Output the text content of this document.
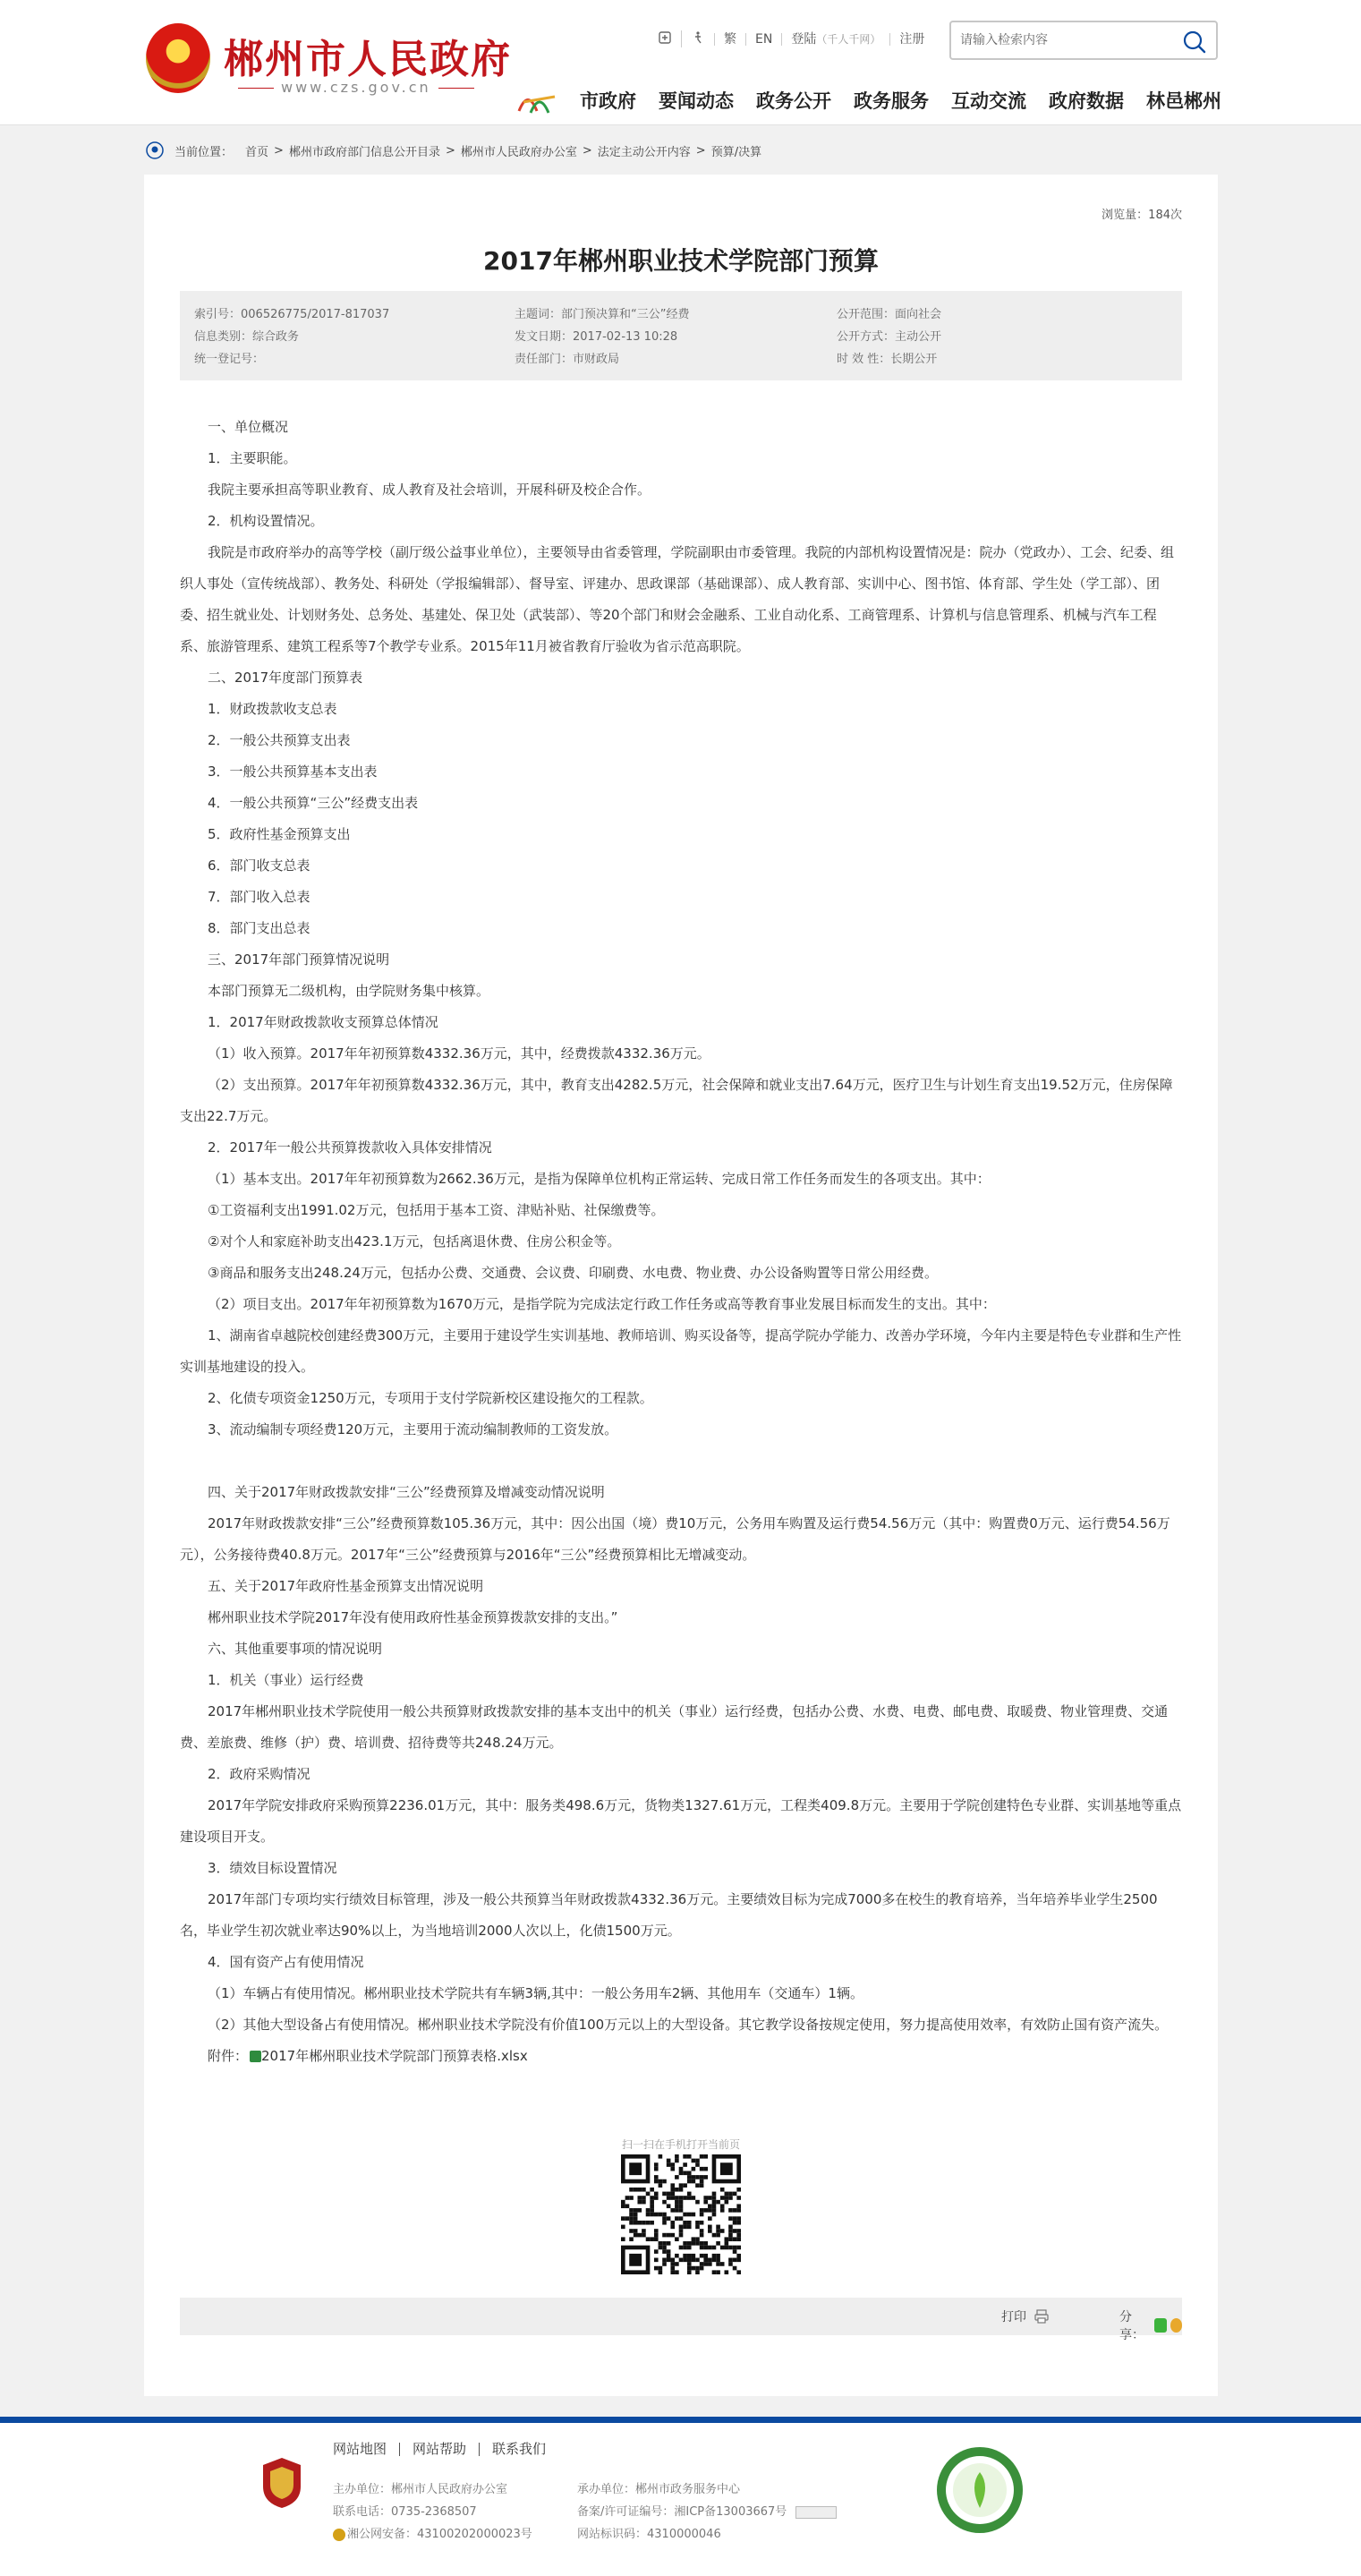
郴州市人民政府
www.czs.gov.cn
繁	EN	登陆（千人千网）	注册
请输入检索内容
市政府	要闻动态	政务公开	政务服务	互动交流	政府数据	林邑郴州
当前位置： 首页 > 郴州市政府部门信息公开目录 > 郴州市人民政府办公室 > 法定主动公开内容 > 预算/决算
浏览量：184次
2017年郴州职业技术学院部门预算
索引号：006526775/2017-817037	主题词：部门预决算和“三公”经费	公开范围：面向社会
信息类别：综合政务	发文日期：2017-02-13 10:28	公开方式：主动公开
统一登记号：	责任部门：市财政局	时 效 性：长期公开

一、单位概况

1．主要职能。

我院主要承担高等职业教育、成人教育及社会培训，开展科研及校企合作。

2．机构设置情况。

我院是市政府举办的高等学校（副厅级公益事业单位），主要领导由省委管理，学院副职由市委管理。我院的内部机构设置情况是：院办（党政办）、工会、纪委、组织人事处（宣传统战部）、教务处、科研处（学报编辑部）、督导室、评建办、思政课部（基础课部）、成人教育部、实训中心、图书馆、体育部、学生处（学工部）、团委、招生就业处、计划财务处、总务处、基建处、保卫处（武装部）、等20个部门和财会金融系、工业自动化系、工商管理系、计算机与信息管理系、机械与汽车工程系、旅游管理系、建筑工程系等7个教学专业系。2015年11月被省教育厅验收为省示范高职院。

二、2017年度部门预算表

1．财政拨款收支总表

2．一般公共预算支出表

3．一般公共预算基本支出表

4．一般公共预算“三公”经费支出表

5．政府性基金预算支出

6．部门收支总表

7．部门收入总表

8．部门支出总表

三、2017年部门预算情况说明

本部门预算无二级机构，由学院财务集中核算。

1．2017年财政拨款收支预算总体情况

（1）收入预算。2017年年初预算数4332.36万元，其中，经费拨款4332.36万元。

（2）支出预算。2017年年初预算数4332.36万元，其中，教育支出4282.5万元，社会保障和就业支出7.64万元，医疗卫生与计划生育支出19.52万元，住房保障支出22.7万元。

2．2017年一般公共预算拨款收入具体安排情况

（1）基本支出。2017年年初预算数为2662.36万元，是指为保障单位机构正常运转、完成日常工作任务而发生的各项支出。其中：

①工资福利支出1991.02万元，包括用于基本工资、津贴补贴、社保缴费等。

②对个人和家庭补助支出423.1万元，包括离退休费、住房公积金等。

③商品和服务支出248.24万元，包括办公费、交通费、会议费、印刷费、水电费、物业费、办公设备购置等日常公用经费。

（2）项目支出。2017年年初预算数为1670万元，是指学院为完成法定行政工作任务或高等教育事业发展目标而发生的支出。其中：

1、湖南省卓越院校创建经费300万元，主要用于建设学生实训基地、教师培训、购买设备等，提高学院办学能力、改善办学环境，今年内主要是特色专业群和生产性实训基地建设的投入。

2、化债专项资金1250万元，专项用于支付学院新校区建设拖欠的工程款。

3、流动编制专项经费120万元，主要用于流动编制教师的工资发放。

四、关于2017年财政拨款安排“三公”经费预算及增减变动情况说明

2017年财政拨款安排“三公”经费预算数105.36万元，其中：因公出国（境）费10万元，公务用车购置及运行费54.56万元（其中：购置费0万元、运行费54.56万元），公务接待费40.8万元。2017年“三公”经费预算与2016年“三公”经费预算相比无增减变动。

五、关于2017年政府性基金预算支出情况说明

郴州职业技术学院2017年没有使用政府性基金预算拨款安排的支出。”

六、其他重要事项的情况说明

1．机关（事业）运行经费

2017年郴州职业技术学院使用一般公共预算财政拨款安排的基本支出中的机关（事业）运行经费，包括办公费、水费、电费、邮电费、取暖费、物业管理费、交通费、差旅费、维修（护）费、培训费、招待费等共248.24万元。

2．政府采购情况

2017年学院安排政府采购预算2236.01万元，其中：服务类498.6万元，货物类1327.61万元，工程类409.8万元。主要用于学院创建特色专业群、实训基地等重点建设项目开支。

3．绩效目标设置情况

2017年部门专项均实行绩效目标管理，涉及一般公共预算当年财政拨款4332.36万元。主要绩效目标为完成7000多在校生的教育培养，当年培养毕业学生2500名，毕业学生初次就业率达90%以上，为当地培训2000人次以上，化债1500万元。

4．国有资产占有使用情况

（1）车辆占有使用情况。郴州职业技术学院共有车辆3辆,其中：一般公务用车2辆、其他用车（交通车）1辆。

（2）其他大型设备占有使用情况。郴州职业技术学院没有价值100万元以上的大型设备。其它教学设备按规定使用，努力提高使用效率，有效防止国有资产流失。

附件： 2017年郴州职业技术学院部门预算表格.xlsx

扫一扫在手机打开当前页
打印	分享：
网站地图	网站帮助	联系我们
主办单位：郴州市人民政府办公室
联系电话：0735-2368507
湘公网安备：43100202000023号
承办单位：郴州市政务服务中心
备案/许可证编号：湘ICP备13003667号
网站标识码：4310000046
